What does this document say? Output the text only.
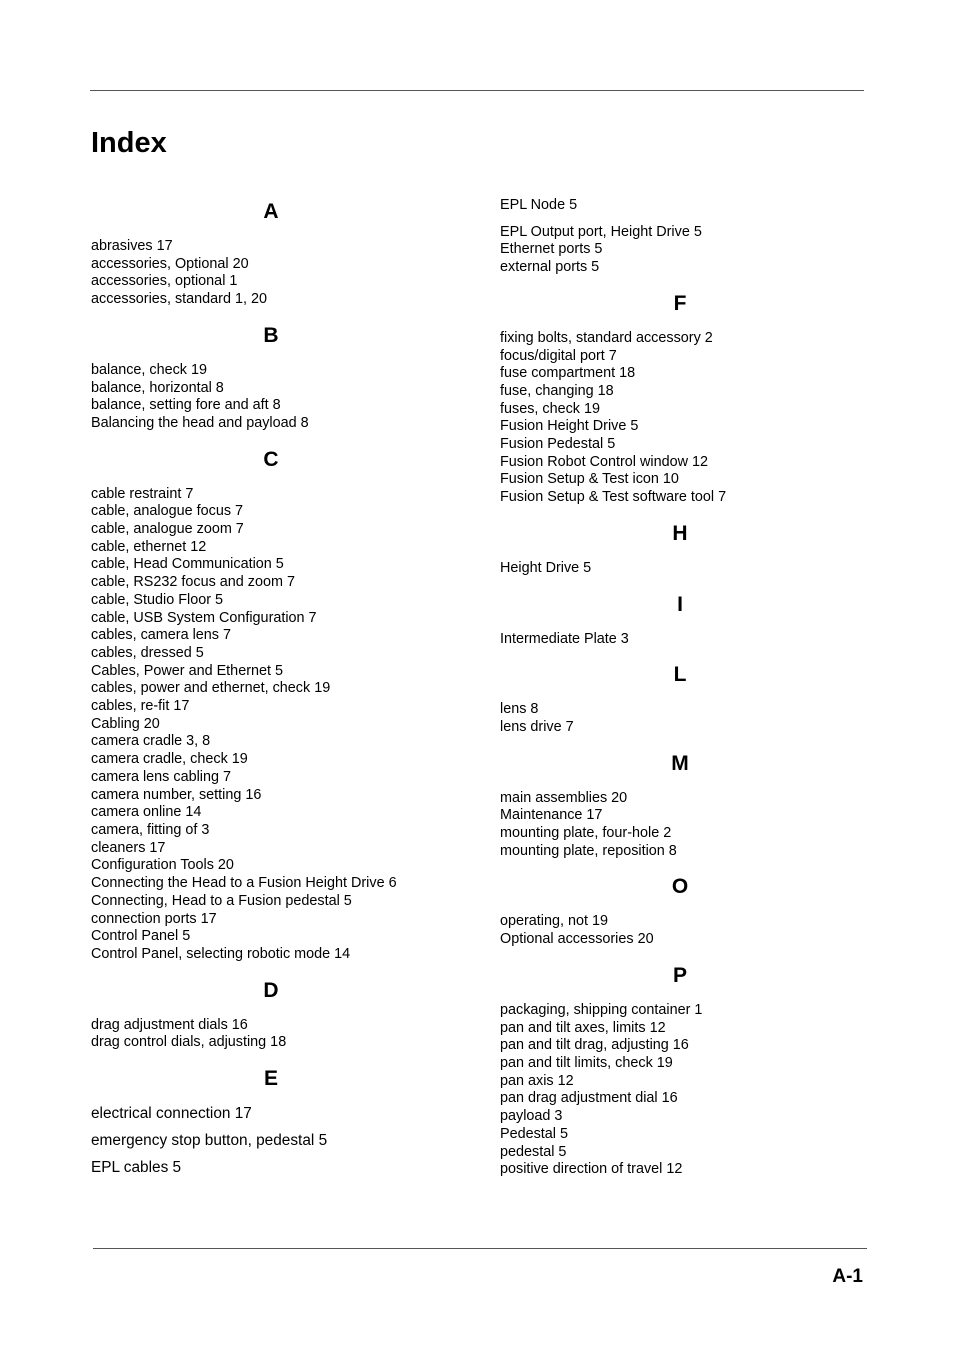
Index
A
abrasives 17
accessories, Optional 20
accessories, optional 1
accessories, standard 1, 20
B
balance, check 19
balance, horizontal 8
balance, setting fore and aft 8
Balancing the head and payload 8
C
cable restraint 7
cable, analogue focus 7
cable, analogue zoom 7
cable, ethernet 12
cable, Head Communication 5
cable, RS232 focus and zoom 7
cable, Studio Floor 5
cable, USB System Configuration 7
cables, camera lens 7
cables, dressed 5
Cables, Power and Ethernet 5
cables, power and ethernet, check 19
cables, re-fit 17
Cabling 20
camera cradle 3, 8
camera cradle, check 19
camera lens cabling 7
camera number, setting 16
camera online 14
camera, fitting of 3
cleaners 17
Configuration Tools 20
Connecting the Head to a Fusion Height Drive 6
Connecting, Head to a Fusion pedestal 5
connection ports 17
Control Panel 5
Control Panel, selecting robotic mode 14
D
drag adjustment dials 16
drag control dials, adjusting 18
E
electrical connection 17
emergency stop button, pedestal 5
EPL cables 5
EPL Node 5
EPL Output port, Height Drive 5
Ethernet ports 5
external ports 5
F
fixing bolts, standard accessory 2
focus/digital port 7
fuse compartment 18
fuse, changing 18
fuses, check 19
Fusion Height Drive 5
Fusion Pedestal 5
Fusion Robot Control window 12
Fusion Setup & Test icon 10
Fusion Setup & Test software tool 7
H
Height Drive 5
I
Intermediate Plate 3
L
lens 8
lens drive 7
M
main assemblies 20
Maintenance 17
mounting plate, four-hole 2
mounting plate, reposition 8
O
operating, not 19
Optional accessories 20
P
packaging, shipping container 1
pan and tilt axes, limits 12
pan and tilt drag, adjusting 16
pan and tilt limits, check 19
pan axis 12
pan drag adjustment dial 16
payload 3
Pedestal 5
pedestal 5
positive direction of travel 12
A-1
